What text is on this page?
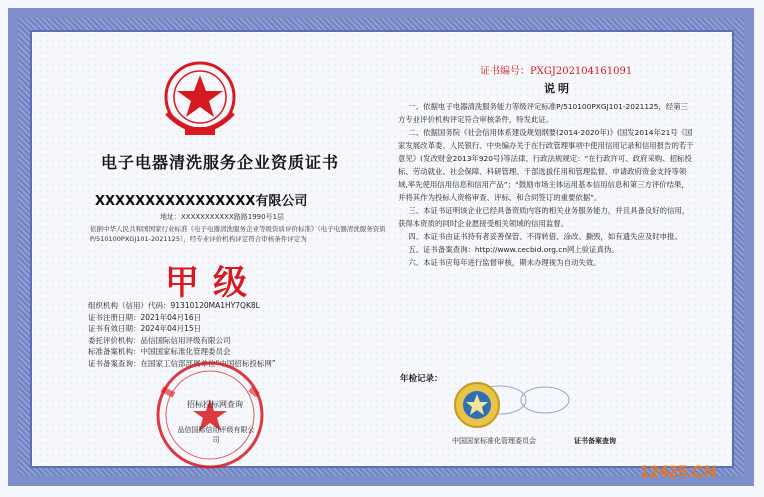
电子电器清洗服务企业资质证书
XXXXXXXXXXXXXXXX有限公司
地址：XXXXXXXXXXX路路1990号1层
依据中华人民共和国国家行业标准《电子电器清洗服务企业等级资质评价标准》（电子电器清洗服务资质P/510100PXGJ101-2021125），经专业评价机构评定符合审核条件评定为
甲级
组织机构（信用）代码：91310120MA1HY7QK8L
证书注册日期：2021年04月16日
证书有效日期：2024年04月15日
委托评价机构：品信国际信用评级有限公司
标准备案机构：中国国家标准化管理委员会
证书备案查询：在国家工信部部属单位“中国招标投标网”
招标投标网查询
品信国际信用评级有限公司
证书编号：PXGJ202104161091
说明

一、依据电子电器清洗服务能力等级评定标准P/510100PXGJ101-2021125，经第三方专业评价机构评定符合审核条件，特发此证。

二、依据国务院《社会信用体系建设规划纲要(2014-2020年)》(国发2014年21号《国家发展改革委、人民银行、中央编办关于在行政管理事项中使用信用记录和信用报告的若干意见》(发改财金2013年920号)等法律、行政法规规定：“在行政许可、政府采购、招标投标、劳动就业、社会保障、科研管理、干部选拔任用和管理监督、申请政府资金支持等领域,率先使用信用信息和信用产品”；“鼓励市场主体运用基本信用信息和第三方评价结果，并将其作为投标人资格审查、评标、和合同签订的重要依据”。

三、本证书证明该企业已经具备资质内容的相关业务服务能力，并且具备良好的信用，获得本资质的同时企业愿接受相关领域的信用监督。

四、本证书由证书持有者妥善保管、不得转借、涂改、撕毁，如有遗失应及时申报。

五、证书备案查询：http://www.cecbid.org.cn网上验证真伪。

六、本证书应每年进行监督审核，期未办理视为自动失效。

年检记录：
中国国家标准化管理委员会	证书备案查询
12425.CN
